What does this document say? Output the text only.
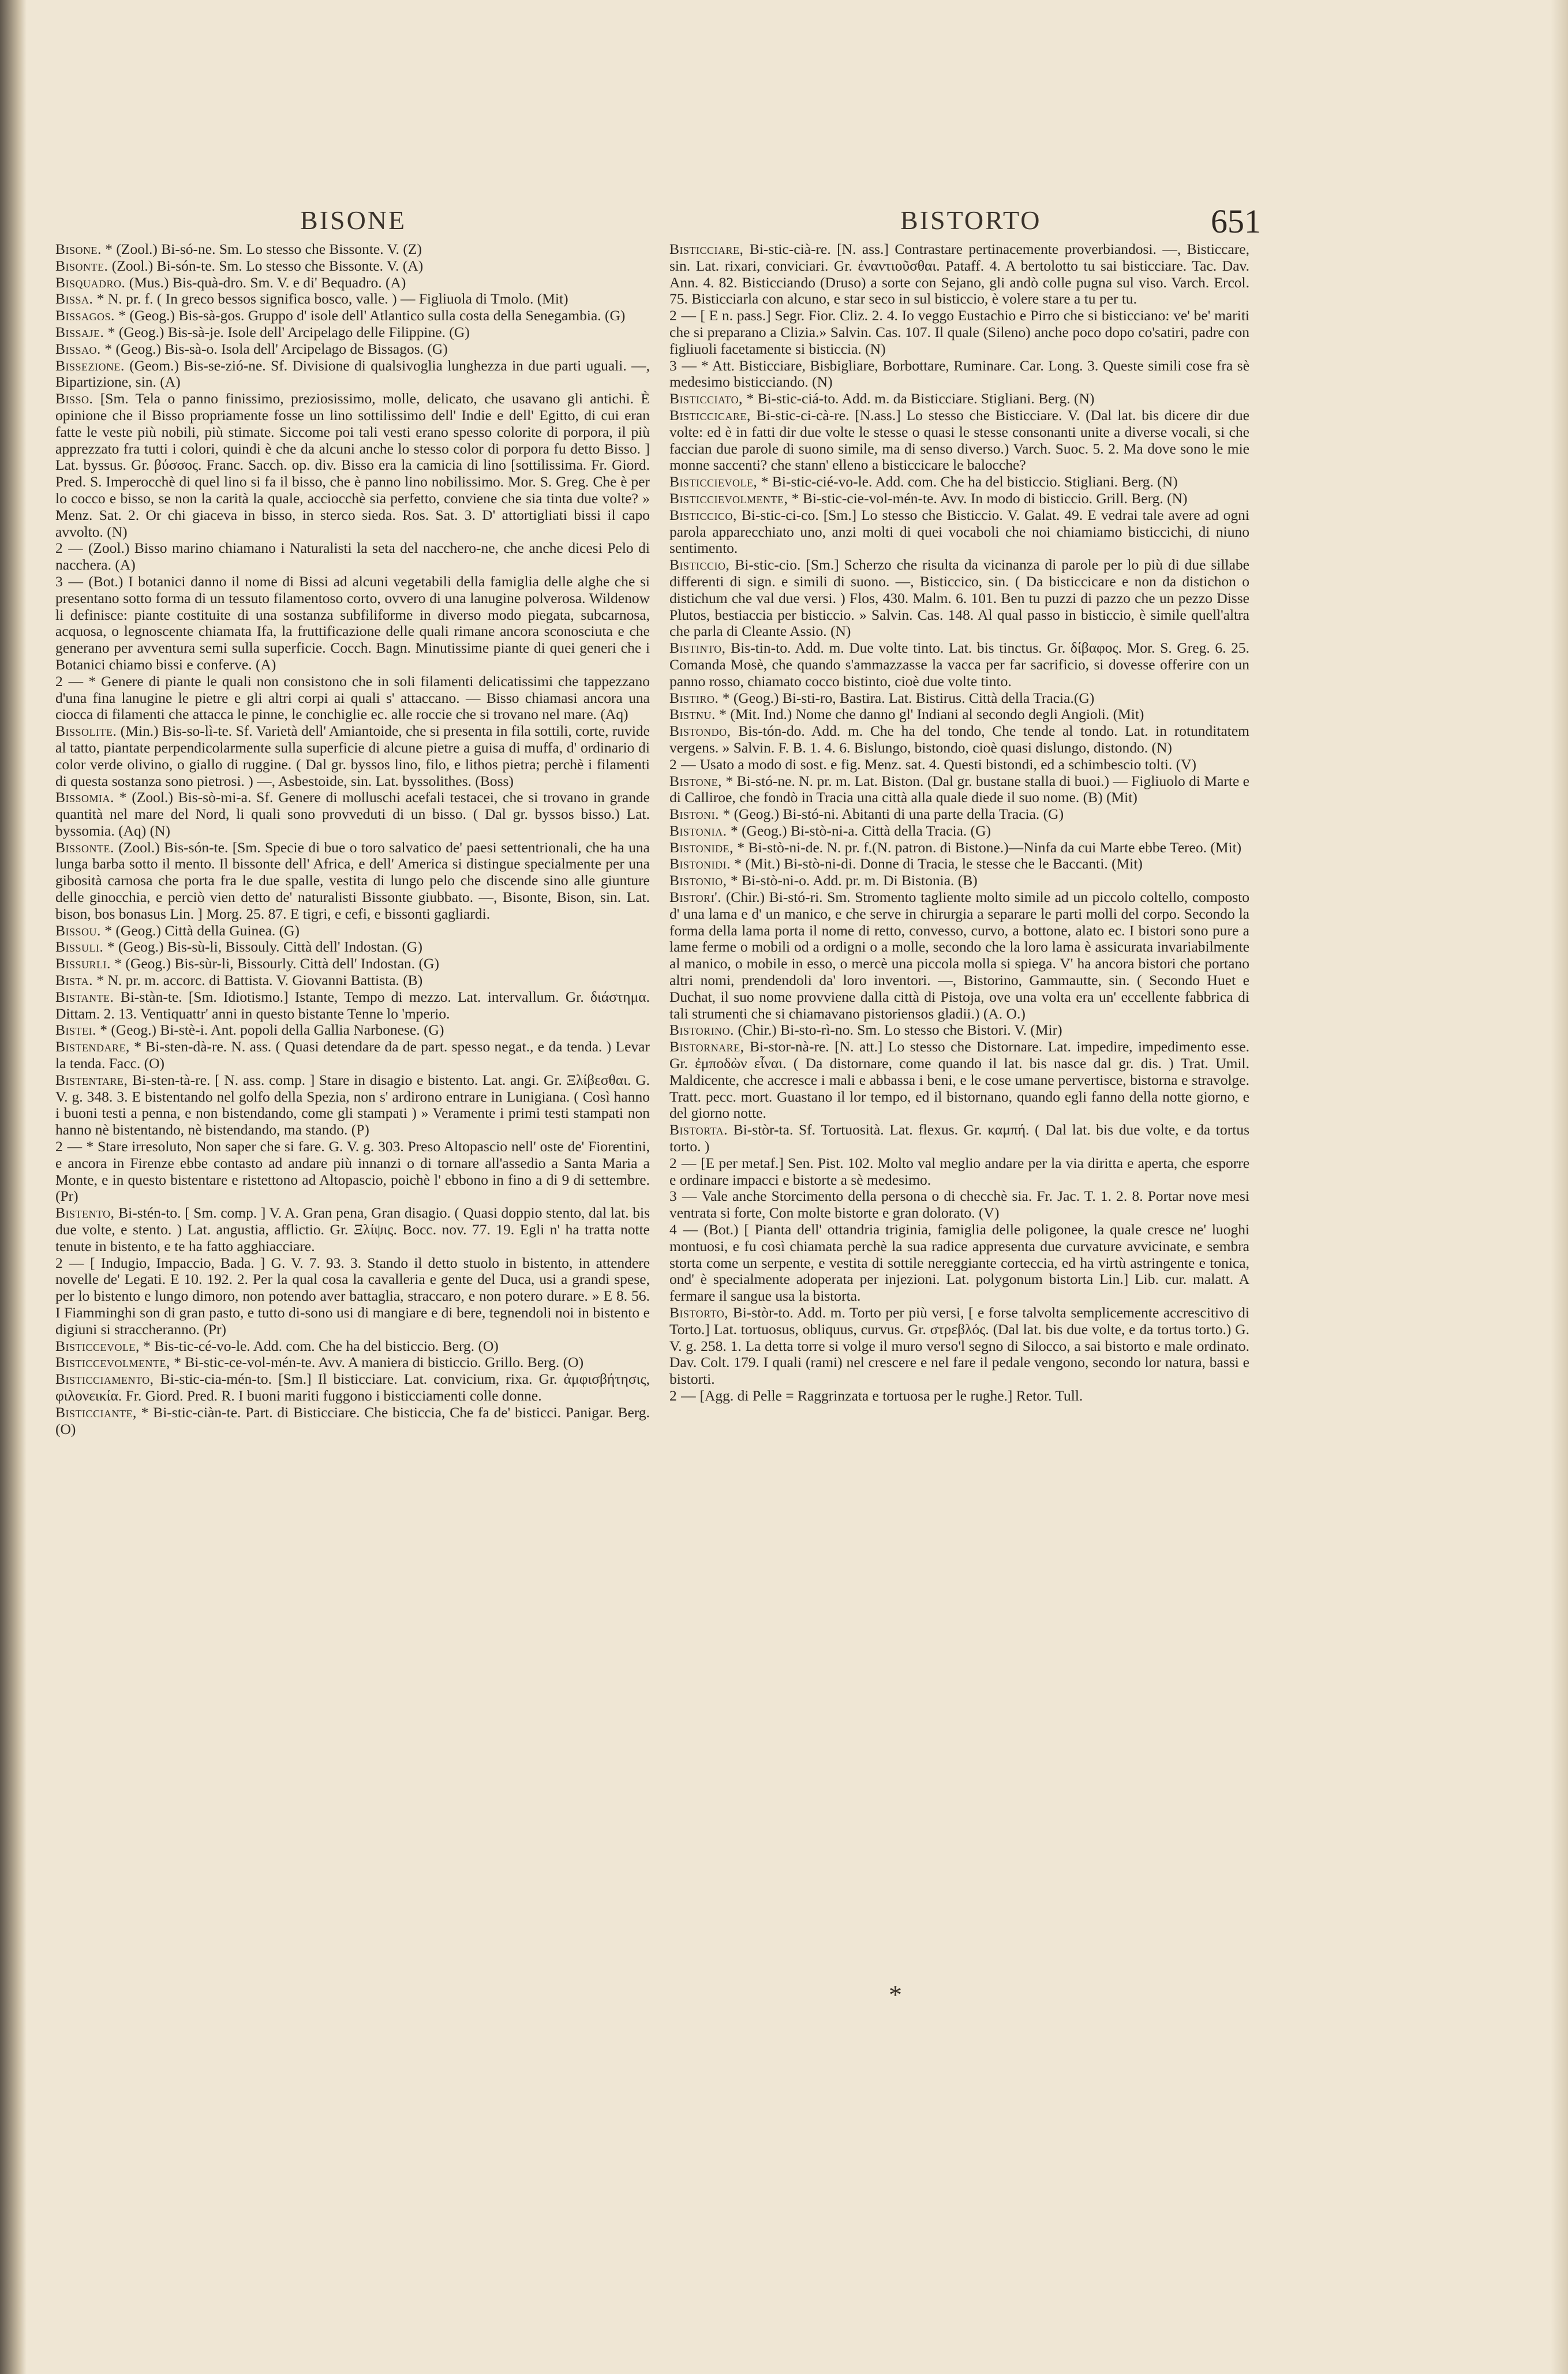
BISONE	BISTORTO	651

Bisone. * (Zool.) Bi-só-ne. Sm. Lo stesso che Bissonte. V. (Z)

Bisonte. (Zool.) Bi-són-te. Sm. Lo stesso che Bissonte. V. (A)

Bisquadro. (Mus.) Bis-quà-dro. Sm. V. e di' Bequadro. (A)

Bissa. * N. pr. f. ( In greco bessos significa bosco, valle. ) — Figliuola di Tmolo. (Mit)

Bissagos. * (Geog.) Bis-sà-gos. Gruppo d' isole dell' Atlantico sulla costa della Senegambia. (G)

Bissaje. * (Geog.) Bis-sà-je. Isole dell' Arcipelago delle Filippine. (G)

Bissao. * (Geog.) Bis-sà-o. Isola dell' Arcipelago de Bissagos. (G)

Bissezione. (Geom.) Bis-se-zió-ne. Sf. Divisione di qualsivoglia lunghezza in due parti uguali. —, Bipartizione, sin. (A)

Bisso. [Sm. Tela o panno finissimo, preziosissimo, molle, delicato, che usavano gli antichi. È opinione che il Bisso propriamente fosse un lino sottilissimo dell' Indie e dell' Egitto, di cui eran fatte le veste più nobili, più stimate. Siccome poi tali vesti erano spesso colorite di porpora, il più apprezzato fra tutti i colori, quindi è che da alcuni anche lo stesso color di porpora fu detto Bisso. ] Lat. byssus. Gr. βύσσος. Franc. Sacch. op. div. Bisso era la camicia di lino [sottilissima. Fr. Giord. Pred. S. Imperocchè di quel lino si fa il bisso, che è panno lino nobilissimo. Mor. S. Greg. Che è per lo cocco e bisso, se non la carità la quale, acciocchè sia perfetto, conviene che sia tinta due volte? » Menz. Sat. 2. Or chi giaceva in bisso, in sterco sieda. Ros. Sat. 3. D' attortigliati bissi il capo avvolto. (N)

2 — (Zool.) Bisso marino chiamano i Naturalisti la seta del nacchero-ne, che anche dicesi Pelo di nacchera. (A)

3 — (Bot.) I botanici danno il nome di Bissi ad alcuni vegetabili della famiglia delle alghe che si presentano sotto forma di un tessuto filamentoso corto, ovvero di una lanugine polverosa. Wildenow li definisce: piante costituite di una sostanza subfiliforme in diverso modo piegata, subcarnosa, acquosa, o legnoscente chiamata Ifa, la fruttificazione delle quali rimane ancora sconosciuta e che generano per avventura semi sulla superficie. Cocch. Bagn. Minutissime piante di quei generi che i Botanici chiamo bissi e conferve. (A)

2 — * Genere di piante le quali non consistono che in soli filamenti delicatissimi che tappezzano d'una fina lanugine le pietre e gli altri corpi ai quali s' attaccano. — Bisso chiamasi ancora una ciocca di filamenti che attacca le pinne, le conchiglie ec. alle roccie che si trovano nel mare. (Aq)

Bissolite. (Min.) Bis-so-lì-te. Sf. Varietà dell' Amiantoide, che si presenta in fila sottili, corte, ruvide al tatto, piantate perpendicolarmente sulla superficie di alcune pietre a guisa di muffa, d' ordinario di color verde olivino, o giallo di ruggine. ( Dal gr. byssos lino, filo, e lithos pietra; perchè i filamenti di questa sostanza sono pietrosi. ) —, Asbestoide, sin. Lat. byssolithes. (Boss)

Bissomia. * (Zool.) Bis-sò-mi-a. Sf. Genere di molluschi acefali testacei, che si trovano in grande quantità nel mare del Nord, li quali sono provveduti di un bisso. ( Dal gr. byssos bisso.) Lat. byssomia. (Aq) (N)

Bissonte. (Zool.) Bis-són-te. [Sm. Specie di bue o toro salvatico de' paesi settentrionali, che ha una lunga barba sotto il mento. Il bissonte dell' Africa, e dell' America si distingue specialmente per una gibosità carnosa che porta fra le due spalle, vestita di lungo pelo che discende sino alle giunture delle ginocchia, e perciò vien detto de' naturalisti Bissonte giubbato. —, Bisonte, Bison, sin. Lat. bison, bos bonasus Lin. ] Morg. 25. 87. E tigri, e cefi, e bissonti gagliardi.

Bissou. * (Geog.) Città della Guinea. (G)

Bissuli. * (Geog.) Bis-sù-li, Bissouly. Città dell' Indostan. (G)

Bissurli. * (Geog.) Bis-sùr-li, Bissourly. Città dell' Indostan. (G)

Bista. * N. pr. m. accorc. di Battista. V. Giovanni Battista. (B)

Bistante. Bi-stàn-te. [Sm. Idiotismo.] Istante, Tempo di mezzo. Lat. intervallum. Gr. διάστημα. Dittam. 2. 13. Ventiquattr' anni in questo bistante Tenne lo 'mperio.

Bistei. * (Geog.) Bi-stè-i. Ant. popoli della Gallia Narbonese. (G)

Bistendare, * Bi-sten-dà-re. N. ass. ( Quasi detendare da de part. spesso negat., e da tenda. ) Levar la tenda. Facc. (O)

Bistentare, Bi-sten-tà-re. [ N. ass. comp. ] Stare in disagio e bistento. Lat. angi. Gr. Ξλίβεσθαι. G. V. g. 348. 3. E bistentando nel golfo della Spezia, non s' ardirono entrare in Lunigiana. ( Così hanno i buoni testi a penna, e non bistendando, come gli stampati ) » Veramente i primi testi stampati non hanno nè bistentando, nè bistendando, ma stando. (P)

2 — * Stare irresoluto, Non saper che si fare. G. V. g. 303. Preso Altopascio nell' oste de' Fiorentini, e ancora in Firenze ebbe contasto ad andare più innanzi o di tornare all'assedio a Santa Maria a Monte, e in questo bistentare e ristettono ad Altopascio, poichè l' ebbono in fino a di 9 di settembre. (Pr)

Bistento, Bi-stén-to. [ Sm. comp. ] V. A. Gran pena, Gran disagio. ( Quasi doppio stento, dal lat. bis due volte, e stento. ) Lat. angustia, afflictio. Gr. Ξλίψις. Bocc. nov. 77. 19. Egli n' ha tratta notte tenute in bistento, e te ha fatto agghiacciare.

2 — [ Indugio, Impaccio, Bada. ] G. V. 7. 93. 3. Stando il detto stuolo in bistento, in attendere novelle de' Legati. E 10. 192. 2. Per la qual cosa la cavalleria e gente del Duca, usi a grandi spese, per lo bistento e lungo dimoro, non potendo aver battaglia, straccaro, e non potero durare. » E 8. 56. I Fiamminghi son di gran pasto, e tutto di-sono usi di mangiare e di bere, tegnendoli noi in bistento e digiuni si straccheranno. (Pr)

Bisticcevole, * Bis-tic-cé-vo-le. Add. com. Che ha del bisticcio. Berg. (O)

Bisticcevolmente, * Bi-stic-ce-vol-mén-te. Avv. A maniera di bisticcio. Grillo. Berg. (O)

Bisticciamento, Bi-stic-cia-mén-to. [Sm.] Il bisticciare. Lat. convicium, rixa. Gr. ἀμφισβήτησις, φιλονεικία. Fr. Giord. Pred. R. I buoni mariti fuggono i bisticciamenti colle donne.

Bisticciante, * Bi-stic-ciàn-te. Part. di Bisticciare. Che bisticcia, Che fa de' bisticci. Panigar. Berg. (O)

Bisticciare, Bi-stic-cià-re. [N. ass.] Contrastare pertinacemente proverbiandosi. —, Bisticcare, sin. Lat. rixari, conviciari. Gr. ἐναντιοῦσθαι. Pataff. 4. A bertolotto tu sai bisticciare. Tac. Dav. Ann. 4. 82. Bisticciando (Druso) a sorte con Sejano, gli andò colle pugna sul viso. Varch. Ercol. 75. Bisticciarla con alcuno, e star seco in sul bisticcio, è volere stare a tu per tu.

2 — [ E n. pass.] Segr. Fior. Cliz. 2. 4. Io veggo Eustachio e Pirro che si bisticciano: ve' be' mariti che si preparano a Clizia.» Salvin. Cas. 107. Il quale (Sileno) anche poco dopo co'satiri, padre con figliuoli facetamente si bisticcia. (N)

3 — * Att. Bisticciare, Bisbigliare, Borbottare, Ruminare. Car. Long. 3. Queste simili cose fra sè medesimo bisticciando. (N)

Bisticciato, * Bi-stic-ciá-to. Add. m. da Bisticciare. Stigliani. Berg. (N)

Bisticcicare, Bi-stic-ci-cà-re. [N.ass.] Lo stesso che Bisticciare. V. (Dal lat. bis dicere dir due volte: ed è in fatti dir due volte le stesse o quasi le stesse consonanti unite a diverse vocali, si che faccian due parole di suono simile, ma di senso diverso.) Varch. Suoc. 5. 2. Ma dove sono le mie monne saccenti? che stann' elleno a bisticcicare le balocche?

Bisticcievole, * Bi-stic-cié-vo-le. Add. com. Che ha del bisticcio. Stigliani. Berg. (N)

Bisticcievolmente, * Bi-stic-cie-vol-mén-te. Avv. In modo di bisticcio. Grill. Berg. (N)

Bisticcico, Bi-stic-ci-co. [Sm.] Lo stesso che Bisticcio. V. Galat. 49. E vedrai tale avere ad ogni parola apparecchiato uno, anzi molti di quei vocaboli che noi chiamiamo bisticcichi, di niuno sentimento.

Bisticcio, Bi-stic-cio. [Sm.] Scherzo che risulta da vicinanza di parole per lo più di due sillabe differenti di sign. e simili di suono. —, Bisticcico, sin. ( Da bisticcicare e non da distichon o distichum che val due versi. ) Flos, 430. Malm. 6. 101. Ben tu puzzi di pazzo che un pezzo Disse Plutos, bestiaccia per bisticcio. » Salvin. Cas. 148. Al qual passo in bisticcio, è simile quell'altra che parla di Cleante Assio. (N)

Bistinto, Bis-tin-to. Add. m. Due volte tinto. Lat. bis tinctus. Gr. δίβαφος. Mor. S. Greg. 6. 25. Comanda Mosè, che quando s'ammazzasse la vacca per far sacrificio, si dovesse offerire con un panno rosso, chiamato cocco bistinto, cioè due volte tinto.

Bistiro. * (Geog.) Bi-sti-ro, Bastira. Lat. Bistirus. Città della Tracia.(G)

Bistnu. * (Mit. Ind.) Nome che danno gl' Indiani al secondo degli Angioli. (Mit)

Bistondo, Bis-tón-do. Add. m. Che ha del tondo, Che tende al tondo. Lat. in rotunditatem vergens. » Salvin. F. B. 1. 4. 6. Bislungo, bistondo, cioè quasi dislungo, distondo. (N)

2 — Usato a modo di sost. e fig. Menz. sat. 4. Questi bistondi, ed a schimbescio tolti. (V)

Bistone, * Bi-stó-ne. N. pr. m. Lat. Biston. (Dal gr. bustane stalla di buoi.) — Figliuolo di Marte e di Calliroe, che fondò in Tracia una città alla quale diede il suo nome. (B) (Mit)

Bistoni. * (Geog.) Bi-stó-ni. Abitanti di una parte della Tracia. (G)

Bistonia. * (Geog.) Bi-stò-ni-a. Città della Tracia. (G)

Bistonide, * Bi-stò-ni-de. N. pr. f.(N. patron. di Bistone.)—Ninfa da cui Marte ebbe Tereo. (Mit)

Bistonidi. * (Mit.) Bi-stò-ni-di. Donne di Tracia, le stesse che le Baccanti. (Mit)

Bistonio, * Bi-stò-ni-o. Add. pr. m. Di Bistonia. (B)

Bistori'. (Chir.) Bi-stó-ri. Sm. Stromento tagliente molto simile ad un piccolo coltello, composto d' una lama e d' un manico, e che serve in chirurgia a separare le parti molli del corpo. Secondo la forma della lama porta il nome di retto, convesso, curvo, a bottone, alato ec. I bistori sono pure a lame ferme o mobili od a ordigni o a molle, secondo che la loro lama è assicurata invariabilmente al manico, o mobile in esso, o mercè una piccola molla si spiega. V' ha ancora bistori che portano altri nomi, prendendoli da' loro inventori. —, Bistorino, Gammautte, sin. ( Secondo Huet e Duchat, il suo nome provviene dalla città di Pistoja, ove una volta era un' eccellente fabbrica di tali strumenti che si chiamavano pistoriensos gladii.) (A. O.)

Bistorino. (Chir.) Bi-sto-rì-no. Sm. Lo stesso che Bistori. V. (Mir)

Bistornare, Bi-stor-nà-re. [N. att.] Lo stesso che Distornare. Lat. impedire, impedimento esse. Gr. ἐμποδὼν εἶναι. ( Da distornare, come quando il lat. bis nasce dal gr. dis. ) Trat. Umil. Maldicente, che accresce i mali e abbassa i beni, e le cose umane pervertisce, bistorna e stravolge. Tratt. pecc. mort. Guastano il lor tempo, ed il bistornano, quando egli fanno della notte giorno, e del giorno notte.

Bistorta. Bi-stòr-ta. Sf. Tortuosità. Lat. flexus. Gr. καμπή. ( Dal lat. bis due volte, e da tortus torto. )

2 — [E per metaf.] Sen. Pist. 102. Molto val meglio andare per la via diritta e aperta, che esporre e ordinare impacci e bistorte a sè medesimo.

3 — Vale anche Storcimento della persona o di checchè sia. Fr. Jac. T. 1. 2. 8. Portar nove mesi ventrata si forte, Con molte bistorte e gran dolorato. (V)

4 — (Bot.) [ Pianta dell' ottandria triginia, famiglia delle poligonee, la quale cresce ne' luoghi montuosi, e fu così chiamata perchè la sua radice appresenta due curvature avvicinate, e sembra storta come un serpente, e vestita di sottile nereggiante corteccia, ed ha virtù astringente e tonica, ond' è specialmente adoperata per injezioni. Lat. polygonum bistorta Lin.] Lib. cur. malatt. A fermare il sangue usa la bistorta.

Bistorto, Bi-stòr-to. Add. m. Torto per più versi, [ e forse talvolta semplicemente accrescitivo di Torto.] Lat. tortuosus, obliquus, curvus. Gr. στρεβλός. (Dal lat. bis due volte, e da tortus torto.) G. V. g. 258. 1. La detta torre si volge il muro verso'l segno di Silocco, a sai bistorto e male ordinato. Dav. Colt. 179. I quali (rami) nel crescere e nel fare il pedale vengono, secondo lor natura, bassi e bistorti.

2 — [Agg. di Pelle = Raggrinzata e tortuosa per le rughe.] Retor. Tull.

*
